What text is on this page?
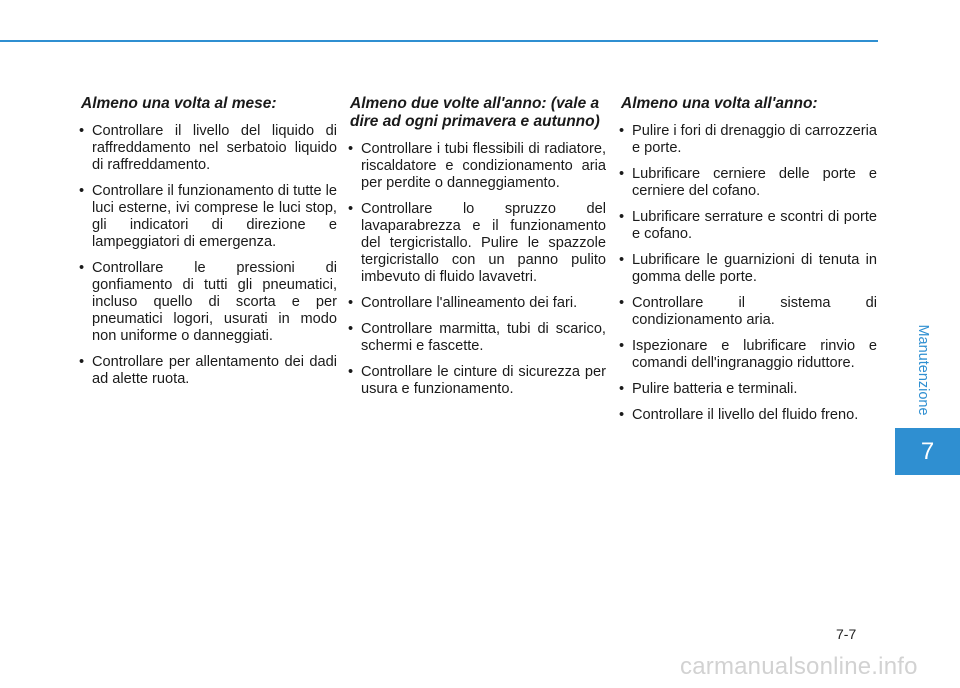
Almeno una volta al mese:
• Controllare il livello del liquido di raffreddamento nel serbatoio liquido di raffreddamento.
• Controllare il funzionamento di tutte le luci esterne, ivi comprese le luci stop, gli indicatori di direzione e lampeggiatori di emergenza.
• Controllare le pressioni di gonfiamento di tutti gli pneumatici, incluso quello di scorta e per pneumatici logori, usurati in modo non uniforme o danneggiati.
• Controllare per allentamento dei dadi ad alette ruota.
Almeno due volte all'anno: (vale a dire ad ogni primavera e autunno)
• Controllare i tubi flessibili di radiatore, riscaldatore e condizionamento aria per perdite o danneggiamento.
• Controllare lo spruzzo del lavaparabrezza e il funzionamento del tergicristallo. Pulire le spazzole tergicristallo con un panno pulito imbevuto di fluido lavavetri.
• Controllare l'allineamento dei fari.
• Controllare marmitta, tubi di scarico, schermi e fascette.
• Controllare le cinture di sicurezza per usura e funzionamento.
Almeno una volta all'anno:
• Pulire i fori di drenaggio di carrozzeria e porte.
• Lubrificare cerniere delle porte e cerniere del cofano.
• Lubrificare serrature e scontri di porte e cofano.
• Lubrificare le guarnizioni di tenuta in gomma delle porte.
• Controllare il sistema di condizionamento aria.
• Ispezionare e lubrificare rinvio e comandi dell'ingranaggio riduttore.
• Pulire batteria e terminali.
• Controllare il livello del fluido freno.	Manutenzione
7
7-7
carmanualsonline.info
